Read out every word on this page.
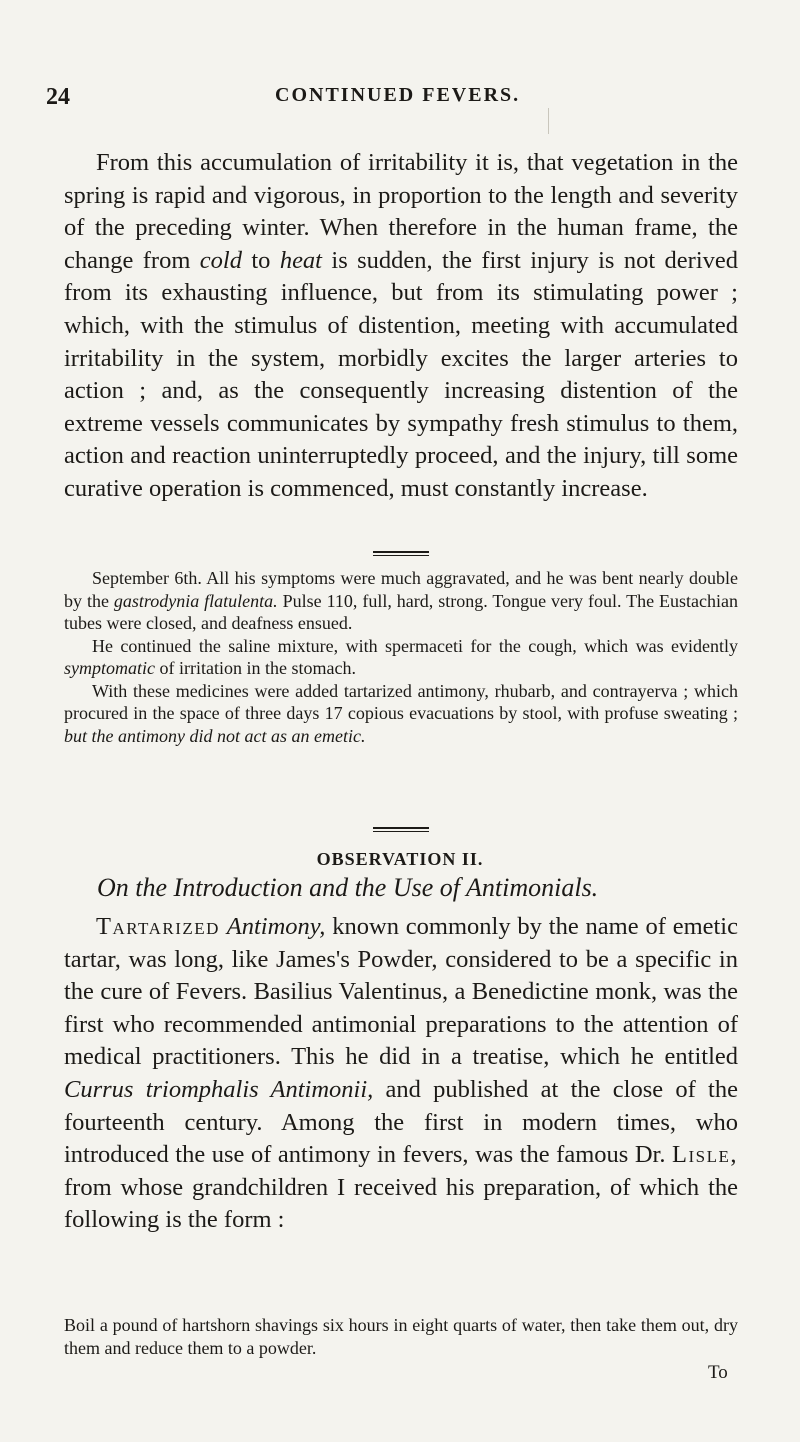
24	CONTINUED FEVERS.

From this accumulation of irritability it is, that vegetation in the spring is rapid and vigorous, in proportion to the length and severity of the preceding winter. When therefore in the human frame, the change from cold to heat is sudden, the first injury is not derived from its exhausting influence, but from its stimulating power ; which, with the stimulus of distention, meeting with accumulated irritability in the system, morbidly excites the larger arteries to action ; and, as the consequently increasing distention of the extreme vessels communicates by sympathy fresh stimulus to them, action and reaction uninterruptedly proceed, and the injury, till some curative operation is commenced, must constantly increase.

September 6th. All his symptoms were much aggravated, and he was bent nearly double by the gastrodynia flatulenta. Pulse 110, full, hard, strong. Tongue very foul. The Eustachian tubes were closed, and deafness ensued.

He continued the saline mixture, with spermaceti for the cough, which was evidently symptomatic of irritation in the stomach.

With these medicines were added tartarized antimony, rhubarb, and contrayerva ; which procured in the space of three days 17 copious evacuations by stool, with profuse sweating ; but the antimony did not act as an emetic.

OBSERVATION II.
On the Introduction and the Use of Antimonials.

Tartarized Antimony, known commonly by the name of emetic tartar, was long, like James's Powder, considered to be a specific in the cure of Fevers. Basilius Valentinus, a Benedictine monk, was the first who recommended antimonial preparations to the attention of medical practitioners. This he did in a treatise, which he entitled Currus triomphalis Antimonii, and published at the close of the fourteenth century. Among the first in modern times, who introduced the use of antimony in fevers, was the famous Dr. Lisle, from whose grandchildren I received his preparation, of which the following is the form :

Boil a pound of hartshorn shavings six hours in eight quarts of water, then take them out, dry them and reduce them to a powder.

To
